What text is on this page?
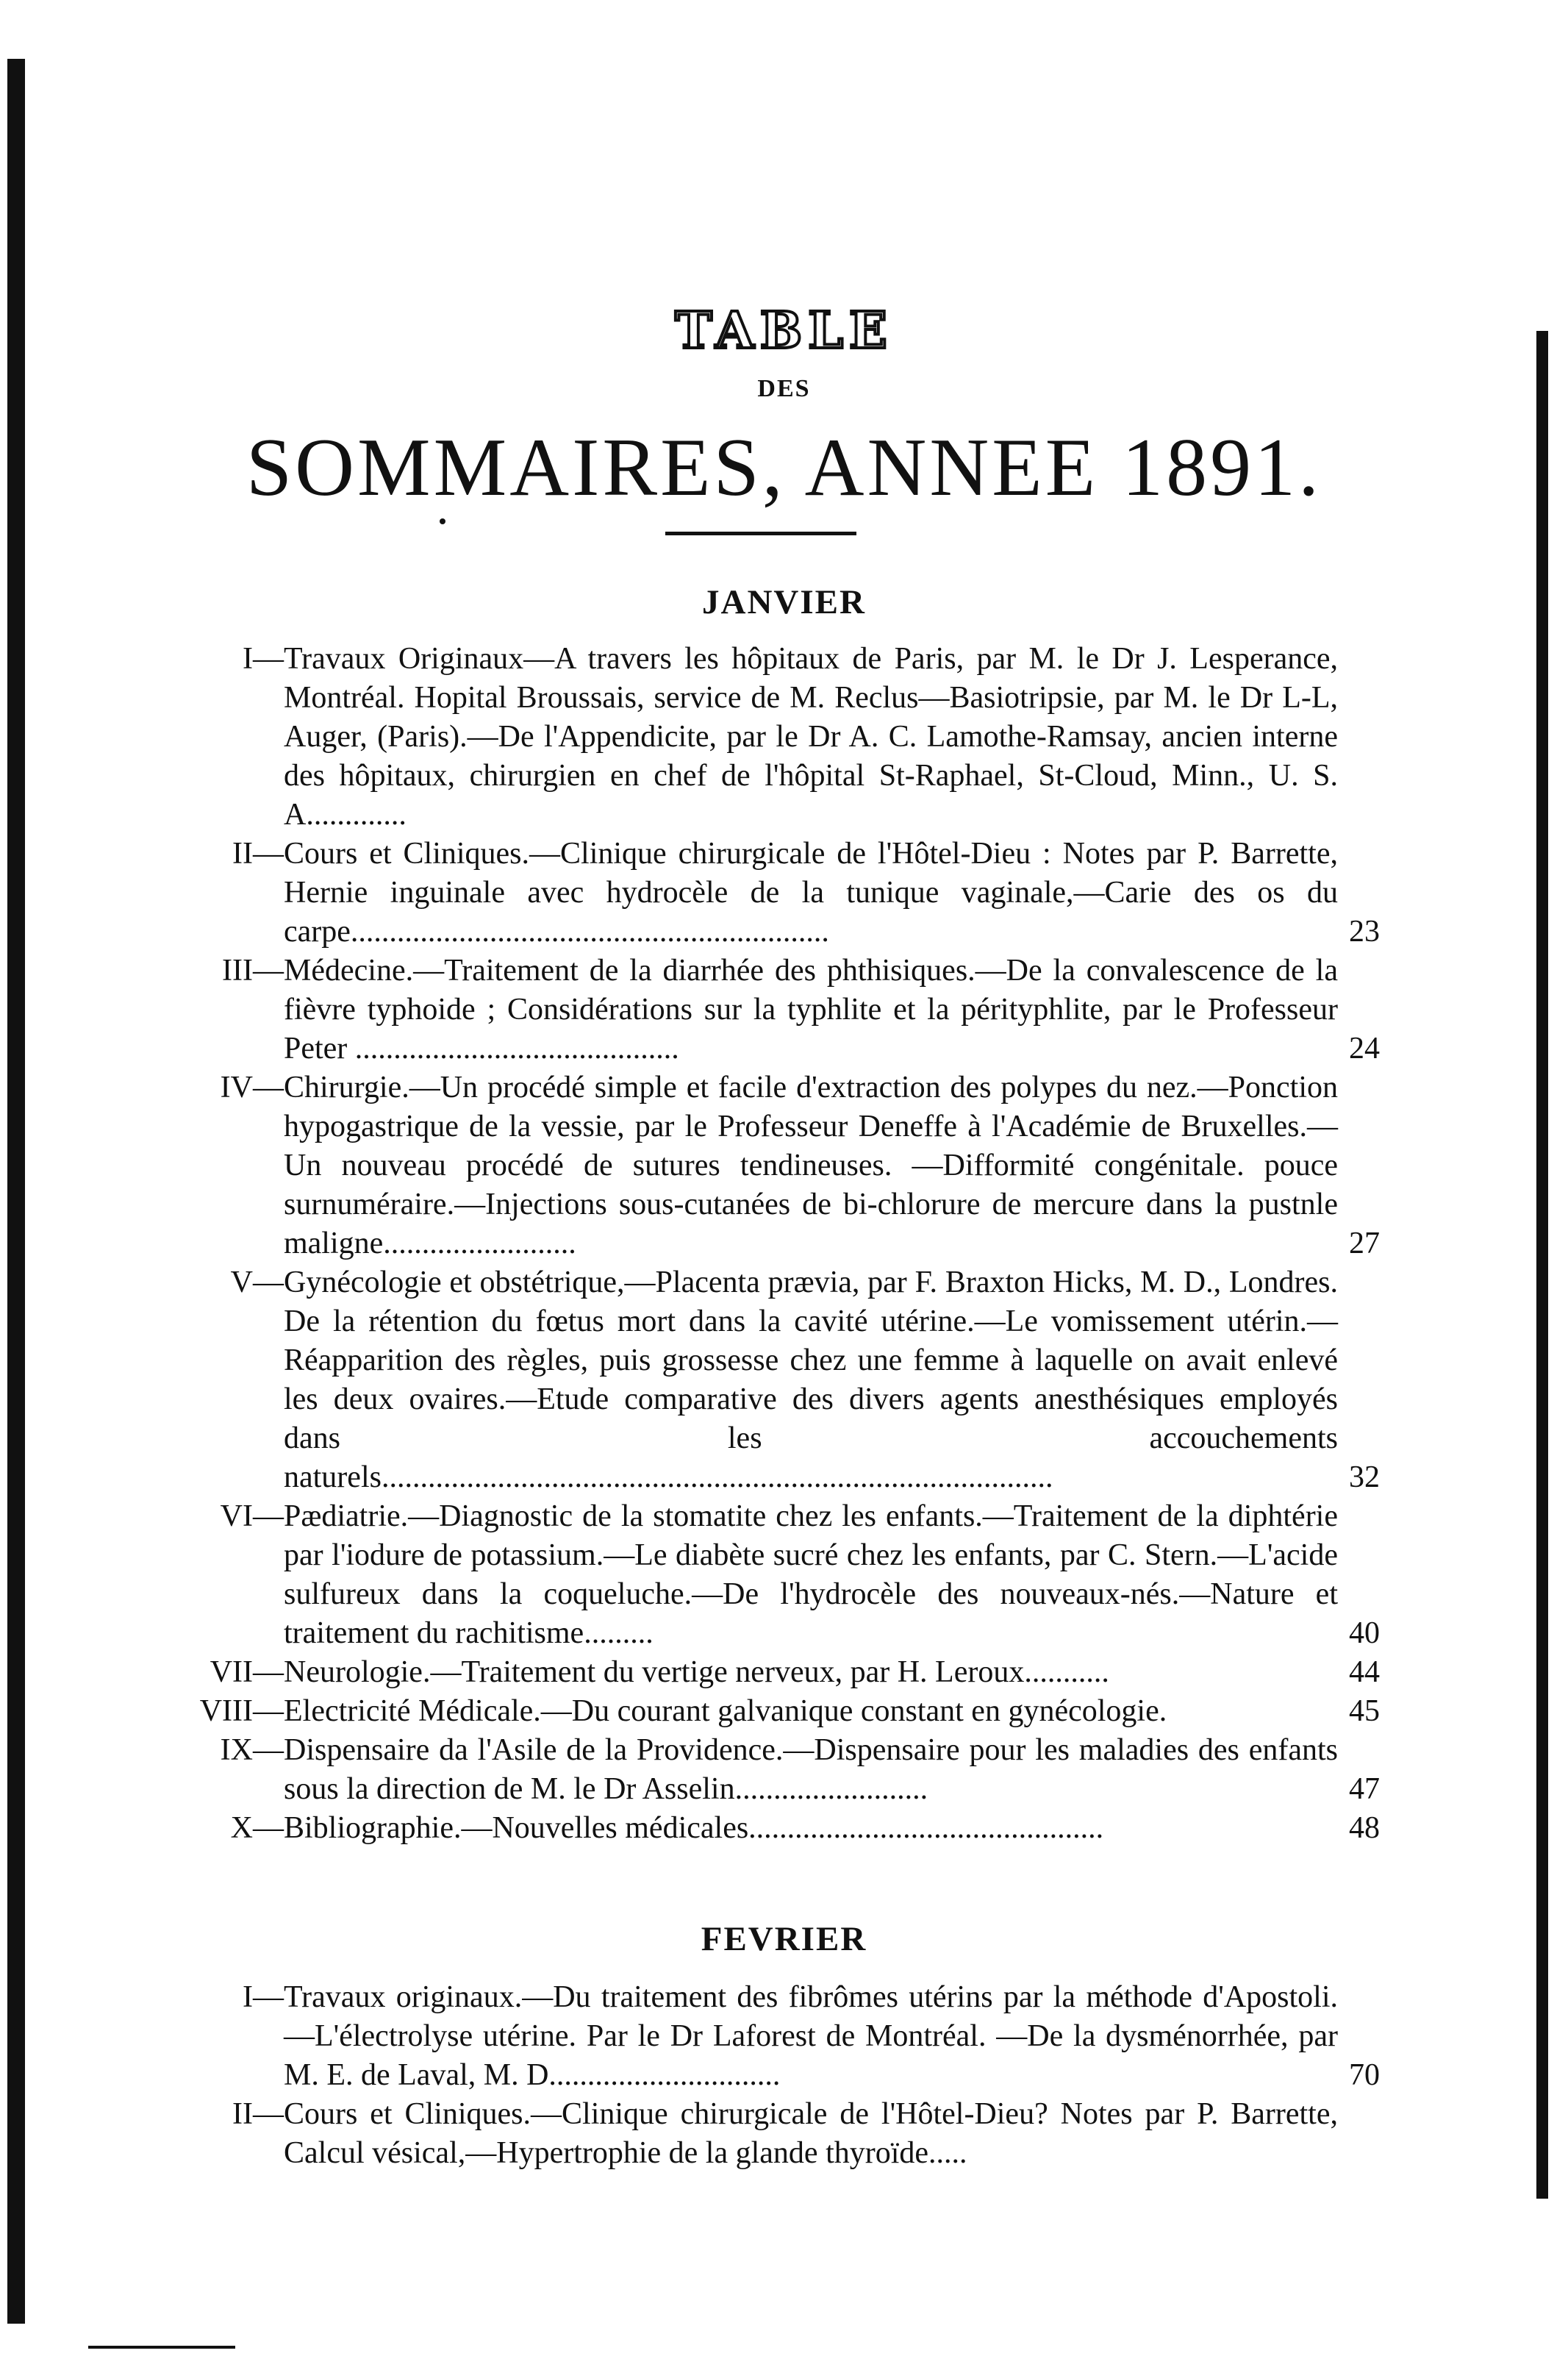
TABLE
DES
SOMMAIRES, ANNEE 1891.
JANVIER
I— Travaux Originaux—A travers les hôpitaux de Paris, par M. le Dr J. Lesperance, Montréal. Hopital Broussais, service de M. Reclus—Basiotripsie, par M. le Dr L-L, Auger, (Paris).—De l'Appendicite, par le Dr A. C. Lamothe-Ramsay, ancien interne des hôpitaux, chirurgien en chef de l'hôpital St-Raphael, St-Cloud, Minn., U. S. A.............
II— Cours et Cliniques.—Clinique chirurgicale de l'Hôtel-Dieu : Notes par P. Barrette, Hernie inguinale avec hydrocèle de la tunique vaginale,—Carie des os du carpe..............................................................	23
III— Médecine.—Traitement de la diarrhée des phthisiques.—De la convalescence de la fièvre typhoide ; Considérations sur la typhlite et la pérityphlite, par le Professeur Peter ..........................................	24
IV— Chirurgie.—Un procédé simple et facile d'extraction des polypes du nez.—Ponction hypogastrique de la vessie, par le Professeur Deneffe à l'Académie de Bruxelles.—Un nouveau procédé de sutures tendineuses. —Difformité congénitale. pouce surnuméraire.—Injections sous-cutanées de bi-chlorure de mercure dans la pustnle maligne.........................	27
V— Gynécologie et obstétrique,—Placenta prævia, par F. Braxton Hicks, M. D., Londres. De la rétention du fœtus mort dans la cavité utérine.—Le vomissement utérin.—Réapparition des règles, puis grossesse chez une femme à laquelle on avait enlevé les deux ovaires.—Etude comparative des divers agents anesthésiques employés dans les accouchements naturels.......................................................................................	32
VI— Pædiatrie.—Diagnostic de la stomatite chez les enfants.—Traitement de la diphtérie par l'iodure de potassium.—Le diabète sucré chez les enfants, par C. Stern.—L'acide sulfureux dans la coqueluche.—De l'hydrocèle des nouveaux-nés.—Nature et traitement du rachitisme.........	40
VII— Neurologie.—Traitement du vertige nerveux, par H. Leroux...........	44
VIII— Electricité Médicale.—Du courant galvanique constant en gynécologie.	45
IX— Dispensaire da l'Asile de la Providence.—Dispensaire pour les maladies des enfants sous la direction de M. le Dr Asselin.........................	47
X— Bibliographie.—Nouvelles médicales..............................................	48
FEVRIER
I— Travaux originaux.—Du traitement des fibrômes utérins par la méthode d'Apostoli.—L'électrolyse utérine. Par le Dr Laforest de Montréal. —De la dysménorrhée, par M. E. de Laval, M. D..............................	70
II— Cours et Cliniques.—Clinique chirurgicale de l'Hôtel-Dieu? Notes par P. Barrette, Calcul vésical,—Hypertrophie de la glande thyroïde.....
